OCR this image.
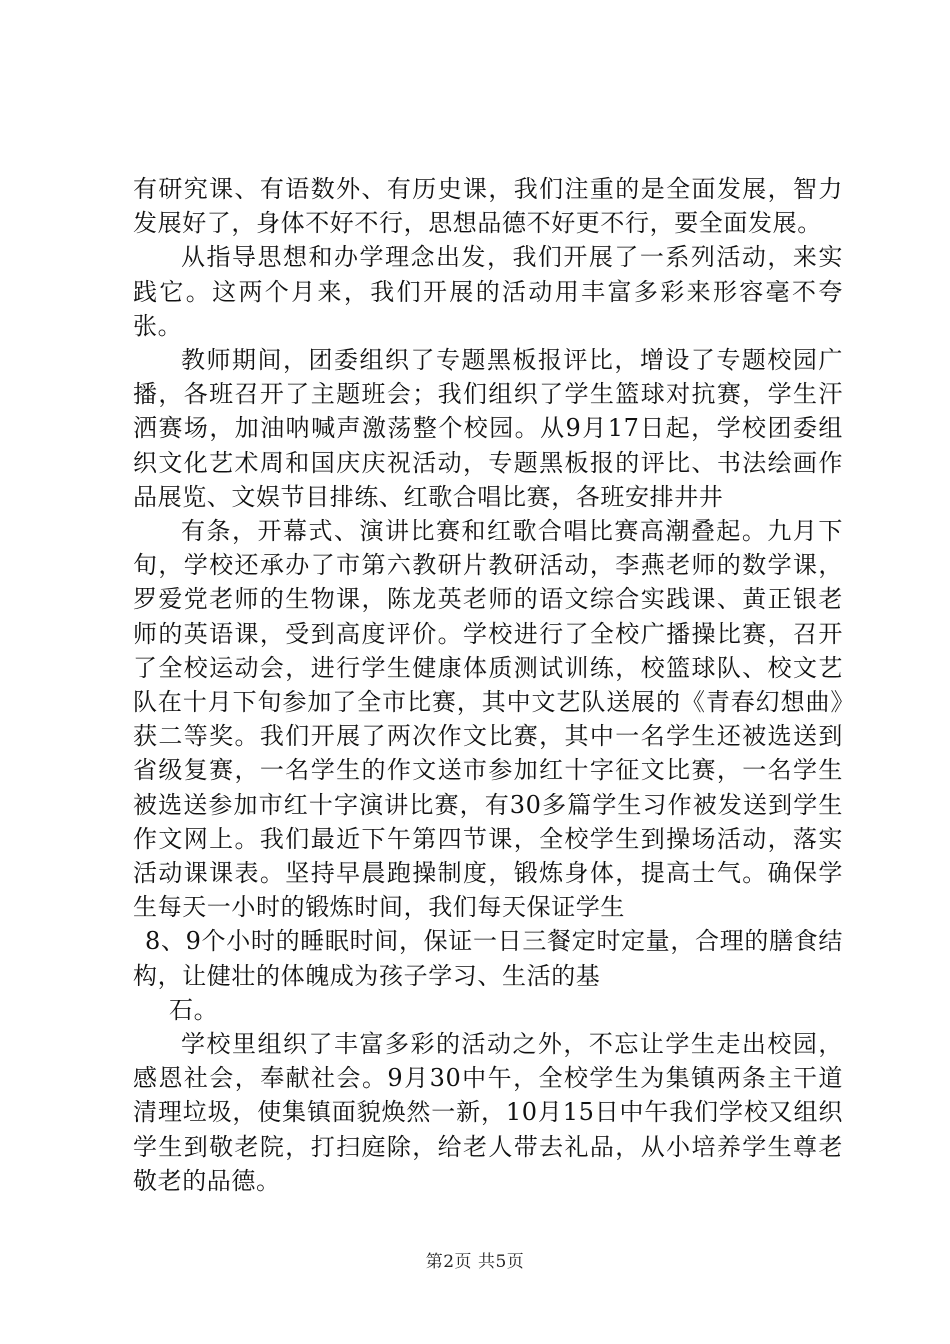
有研究课、有语数外、有历史课，我们注重的是全面发展，智力发展好了，身体不好不行，思想品德不好更不行，要全面发展。

从指导思想和办学理念出发，我们开展了一系列活动，来实践它。这两个月来，我们开展的活动用丰富多彩来形容毫不夸张。

教师期间，团委组织了专题黑板报评比，增设了专题校园广播，各班召开了主题班会；我们组织了学生篮球对抗赛，学生汗洒赛场，加油呐喊声激荡整个校园。从9月17日起，学校团委组织文化艺术周和国庆庆祝活动，专题黑板报的评比、书法绘画作品展览、文娱节目排练、红歌合唱比赛，各班安排井井

有条，开幕式、演讲比赛和红歌合唱比赛高潮叠起。九月下旬，学校还承办了市第六教研片教研活动，李燕老师的数学课，罗爱党老师的生物课，陈龙英老师的语文综合实践课、黄正银老师的英语课，受到高度评价。学校进行了全校广播操比赛，召开了全校运动会，进行学生健康体质测试训练，校篮球队、校文艺队在十月下旬参加了全市比赛，其中文艺队送展的《青春幻想曲》获二等奖。我们开展了两次作文比赛，其中一名学生还被选送到省级复赛，一名学生的作文送市参加红十字征文比赛，一名学生被选送参加市红十字演讲比赛，有30多篇学生习作被发送到学生作文网上。我们最近下午第四节课，全校学生到操场活动，落实活动课课表。坚持早晨跑操制度，锻炼身体，提高士气。确保学生每天一小时的锻炼时间，我们每天保证学生

8、9个小时的睡眠时间，保证一日三餐定时定量，合理的膳食结构，让健壮的体魄成为孩子学习、生活的基

石。

学校里组织了丰富多彩的活动之外，不忘让学生走出校园，感恩社会，奉献社会。9月30中午，全校学生为集镇两条主干道清理垃圾，使集镇面貌焕然一新，10月15日中午我们学校又组织学生到敬老院，打扫庭除，给老人带去礼品，从小培养学生尊老敬老的品德。

第2页 共5页
